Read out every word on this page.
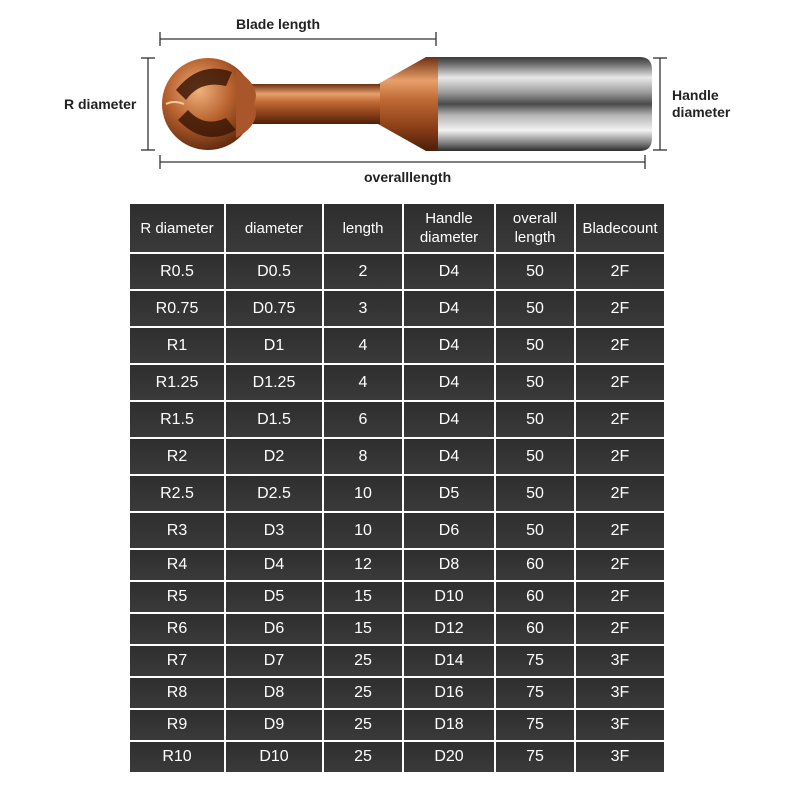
Blade length
R diameter
Handle diameter
overalllength
R diameter	diameter	length	Handle diameter	overall length	Bladecount
R0.5	D0.5	2	D4	50	2F
R0.75	D0.75	3	D4	50	2F
R1	D1	4	D4	50	2F
R1.25	D1.25	4	D4	50	2F
R1.5	D1.5	6	D4	50	2F
R2	D2	8	D4	50	2F
R2.5	D2.5	10	D5	50	2F
R3	D3	10	D6	50	2F
R4	D4	12	D8	60	2F
R5	D5	15	D10	60	2F
R6	D6	15	D12	60	2F
R7	D7	25	D14	75	3F
R8	D8	25	D16	75	3F
R9	D9	25	D18	75	3F
R10	D10	25	D20	75	3F
